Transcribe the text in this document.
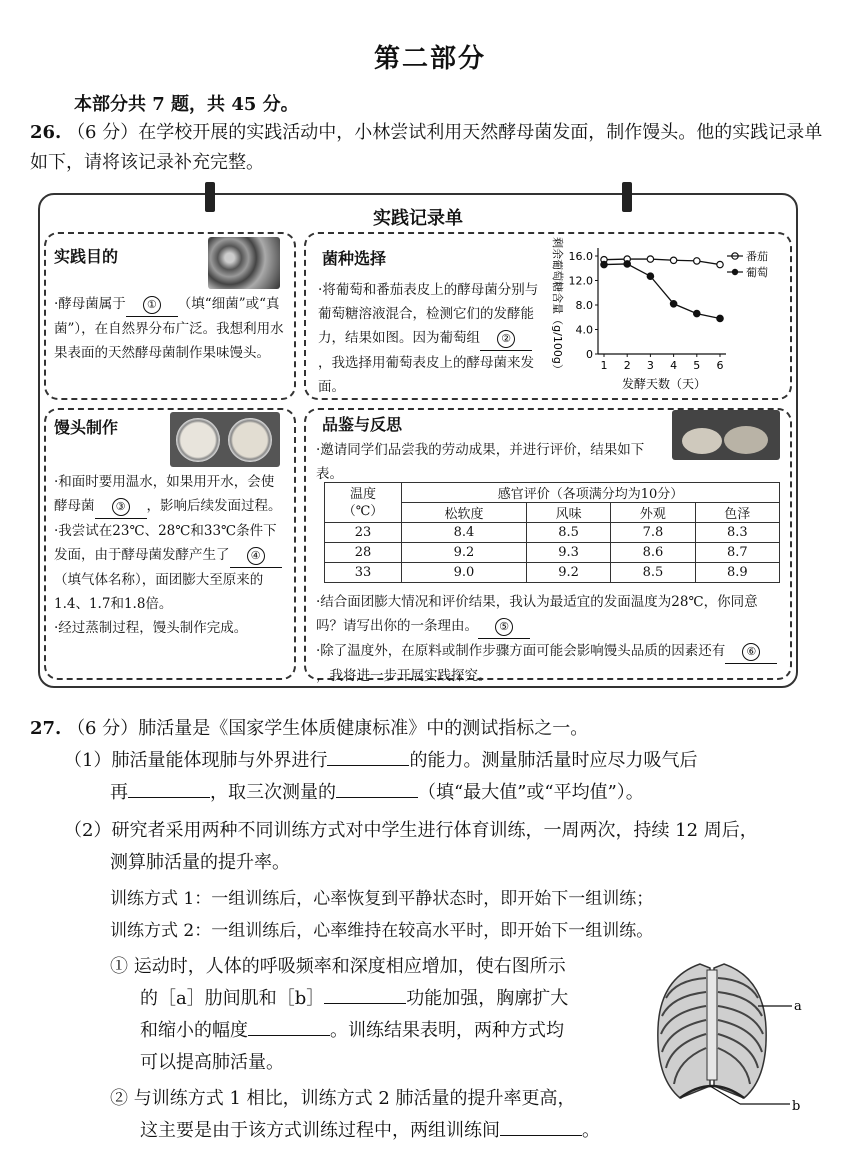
第二部分
本部分共 7 题，共 45 分。
26. （6 分）在学校开展的实践活动中，小林尝试利用天然酵母菌发面，制作馒头。他的实践记录单如下，请将该记录补充完整。
实践记录单
实践目的
·酵母菌属于 ① （填“细菌”或“真菌”），在自然界分布广泛。我想利用水果表面的天然酵母菌制作果味馒头。
菌种选择
·将葡萄和番茄表皮上的酵母菌分别与葡萄糖溶液混合，检测它们的发酵能力，结果如图。因为葡萄组 ②，我选择用葡萄表皮上的酵母菌来发面。
剩余葡萄糖含量（g/100g） 0
4.0
8.0
12.0
16.0
1 2 3 4 5 6
发酵天数（天）
番茄
葡萄
馒头制作
·和面时要用温水，如果用开水，会使酵母菌 ③ ，影响后续发面过程。
·我尝试在23℃、28℃和33℃条件下发面，由于酵母菌发酵产生了 ④（填气体名称），面团膨大至原来的1.4、1.7和1.8倍。
·经过蒸制过程，馒头制作完成。
品鉴与反思
·邀请同学们品尝我的劳动成果，并进行评价，结果如下表。
温度
（℃）	感官评价（各项满分均为10分）			
	松软度	风味	外观	色泽
23	8.4	8.5	7.8	8.3
28	9.2	9.3	8.6	8.7
33	9.0	9.2	8.5	8.9
·结合面团膨大情况和评价结果，我认为最适宜的发面温度为28℃，你同意吗？请写出你的一条理由。 ⑤
·除了温度外，在原料或制作步骤方面可能会影响馒头品质的因素还有 ⑥，我将进一步开展实践探究。
27. （6 分）肺活量是《国家学生体质健康标准》中的测试指标之一。
（1）肺活量能体现肺与外界进行	的能力。测量肺活量时应尽力吸气后
再	，取三次测量的	（填“最大值”或“平均值”）。
（2）研究者采用两种不同训练方式对中学生进行体育训练，一周两次，持续 12 周后，
测算肺活量的提升率。
训练方式 1：一组训练后，心率恢复到平静状态时，即开始下一组训练；
训练方式 2：一组训练后，心率维持在较高水平时，即开始下一组训练。
① 运动时，人体的呼吸频率和深度相应增加，使右图所示
的［a］肋间肌和［b］	功能加强，胸廓扩大
和缩小的幅度	。训练结果表明，两种方式均
可以提高肺活量。
② 与训练方式 1 相比，训练方式 2 肺活量的提升率更高，
这主要是由于该方式训练过程中，两组训练间	。
a
b
